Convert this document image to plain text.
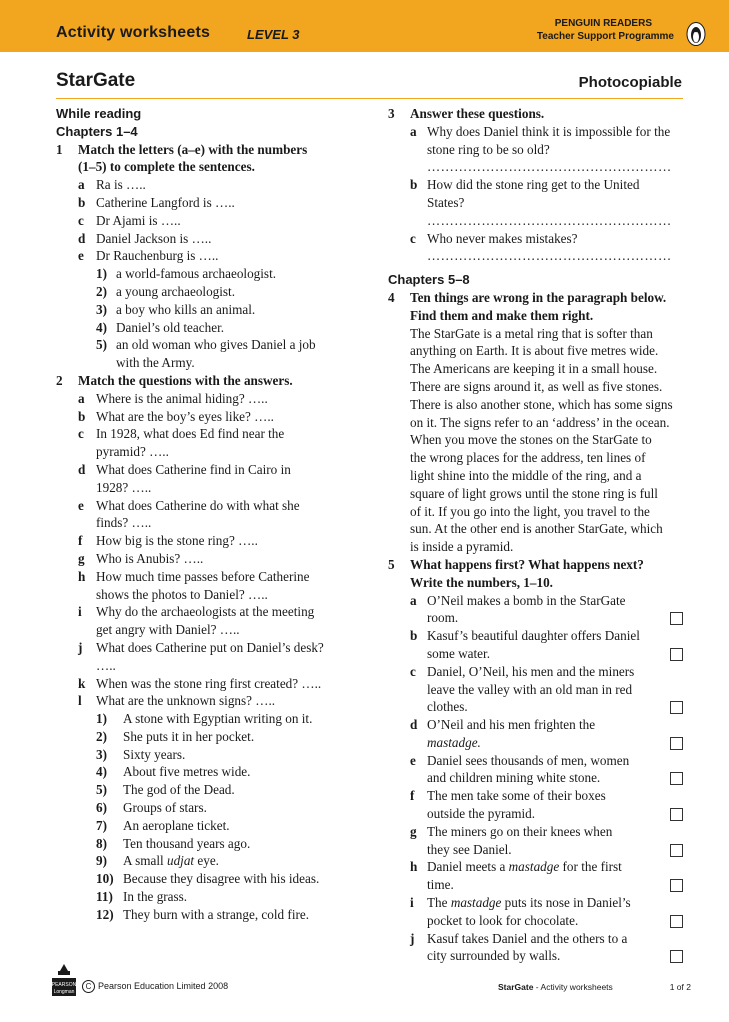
Activity worksheets	LEVEL 3
PENGUIN READERS
Teacher Support Programme
StarGate	Photocopiable
While reading
Chapters 1–4
1 Match the letters (a–e) with the numbers
(1–5) to complete the sentences.
a Ra is …..
b Catherine Langford is …..
c Dr Ajami is …..
d Daniel Jackson is …..
e Dr Rauchenburg is …..
1) a world-famous archaeologist.
2) a young archaeologist.
3) a boy who kills an animal.
4) Daniel’s old teacher.
5) an old woman who gives Daniel a job
with the Army.
2 Match the questions with the answers.
a Where is the animal hiding? …..
b What are the boy’s eyes like? …..
c In 1928, what does Ed find near the
pyramid? …..
d What does Catherine find in Cairo in
1928? …..
e What does Catherine do with what she
finds? …..
f How big is the stone ring? …..
g Who is Anubis? …..
h How much time passes before Catherine
shows the photos to Daniel? …..
i Why do the archaeologists at the meeting
get angry with Daniel? …..
j What does Catherine put on Daniel’s desk?
…..
k When was the stone ring first created? …..
l What are the unknown signs? …..
1) A stone with Egyptian writing on it.
2) She puts it in her pocket.
3) Sixty years.
4) About five metres wide.
5) The god of the Dead.
6) Groups of stars.
7) An aeroplane ticket.
8) Ten thousand years ago.
9) A small udjat eye.
10) Because they disagree with his ideas.
11) In the grass.
12) They burn with a strange, cold fire.
3 Answer these questions.
a Why does Daniel think it is impossible for the
stone ring to be so old?
………………………………………………
b How did the stone ring get to the United
States?
………………………………………………
c Who never makes mistakes?
………………………………………………
Chapters 5–8
4 Ten things are wrong in the paragraph below.
Find them and make them right.
The StarGate is a metal ring that is softer than
anything on Earth. It is about five metres wide.
The Americans are keeping it in a small house.
There are signs around it, as well as five stones.
There is also another stone, which has some signs
on it. The signs refer to an ‘address’ in the ocean.
When you move the stones on the StarGate to
the wrong places for the address, ten lines of
light shine into the middle of the ring, and a
square of light grows until the stone ring is full
of it. If you go into the light, you travel to the
sun. At the other end is another StarGate, which
is inside a pyramid.
5 What happens first? What happens next?
Write the numbers, 1–10.
a O’Neil makes a bomb in the StarGate
room.
b Kasuf’s beautiful daughter offers Daniel
some water.
c Daniel, O’Neil, his men and the miners
leave the valley with an old man in red
clothes.
d O’Neil and his men frighten the
mastadge.
e Daniel sees thousands of men, women
and children mining white stone.
f The men take some of their boxes
outside the pyramid.
g The miners go on their knees when
they see Daniel.
h Daniel meets a mastadge for the first
time.
i The mastadge puts its nose in Daniel’s
pocket to look for chocolate.
j Kasuf takes Daniel and the others to a
city surrounded by walls.
PEARSON
Longman
C Pearson Education Limited 2008	StarGate - Activity worksheets	1 of 2
